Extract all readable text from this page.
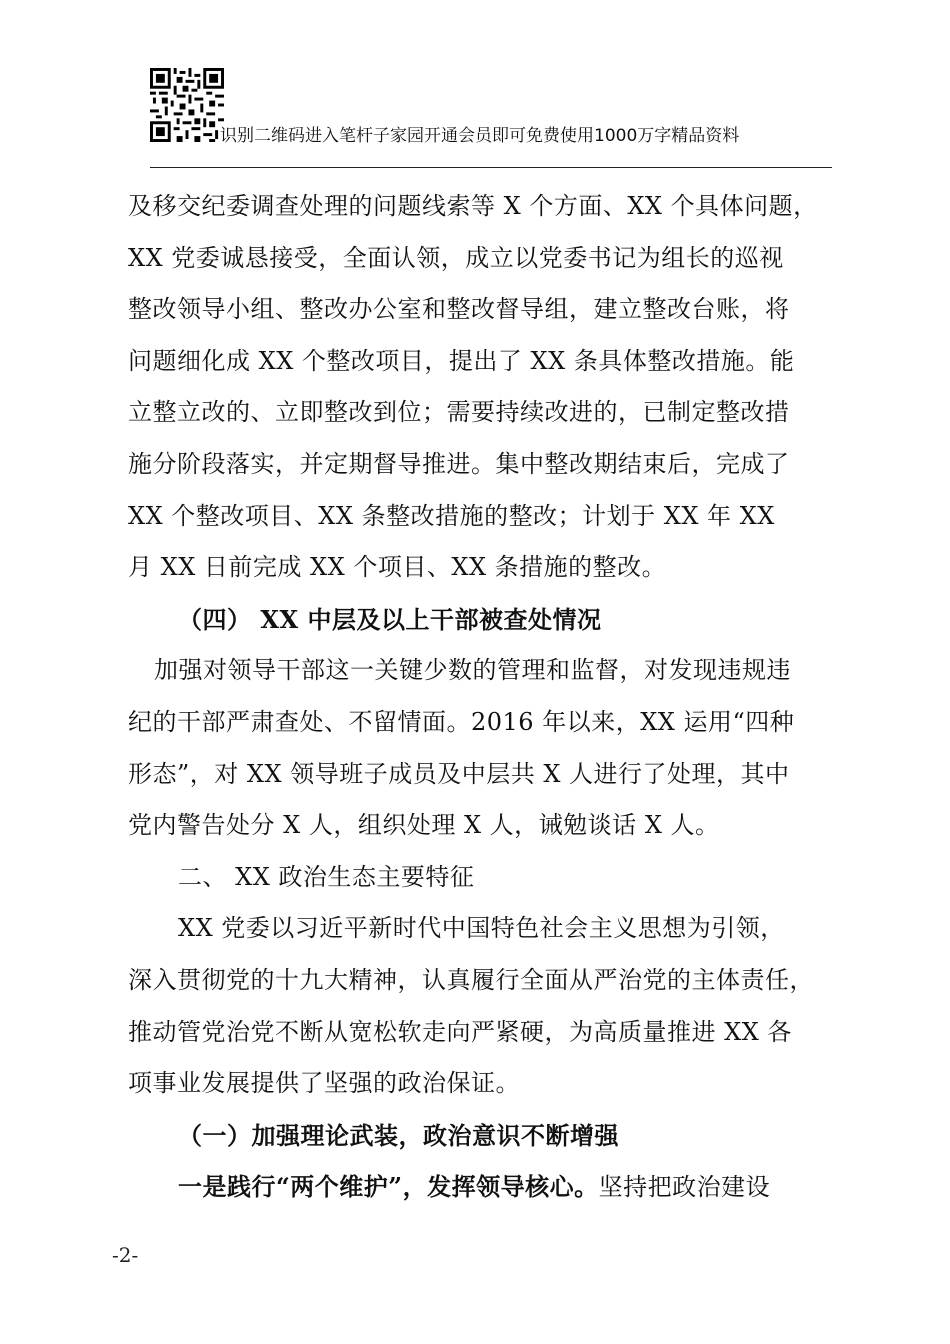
识别二维码进入笔杆子家园开通会员即可免费使用1000万字精品资料
及移交纪委调查处理的问题线索等 X 个方面、XX 个具体问题，
XX 党委诚恳接受，全面认领，成立以党委书记为组长的巡视
整改领导小组、整改办公室和整改督导组，建立整改台账，将
问题细化成 XX 个整改项目，提出了 XX 条具体整改措施。能
立整立改的、立即整改到位；需要持续改进的，已制定整改措
施分阶段落实，并定期督导推进。集中整改期结束后，完成了
XX 个整改项目、XX 条整改措施的整改；计划于 XX 年 XX
月 XX 日前完成 XX 个项目、XX 条措施的整改。
（四） XX 中层及以上干部被查处情况
加强对领导干部这一关键少数的管理和监督，对发现违规违
纪的干部严肃查处、不留情面。2016 年以来，XX 运用“四种
形态”，对 XX 领导班子成员及中层共 X 人进行了处理，其中
党内警告处分 X 人，组织处理 X 人，诫勉谈话 X 人。
二、 XX 政治生态主要特征
XX 党委以习近平新时代中国特色社会主义思想为引领，
深入贯彻党的十九大精神，认真履行全面从严治党的主体责任，
推动管党治党不断从宽松软走向严紧硬，为高质量推进 XX 各
项事业发展提供了坚强的政治保证。
（一）加强理论武装，政治意识不断增强
一是践行“两个维护”，发挥领导核心。坚持把政治建设
-2-
